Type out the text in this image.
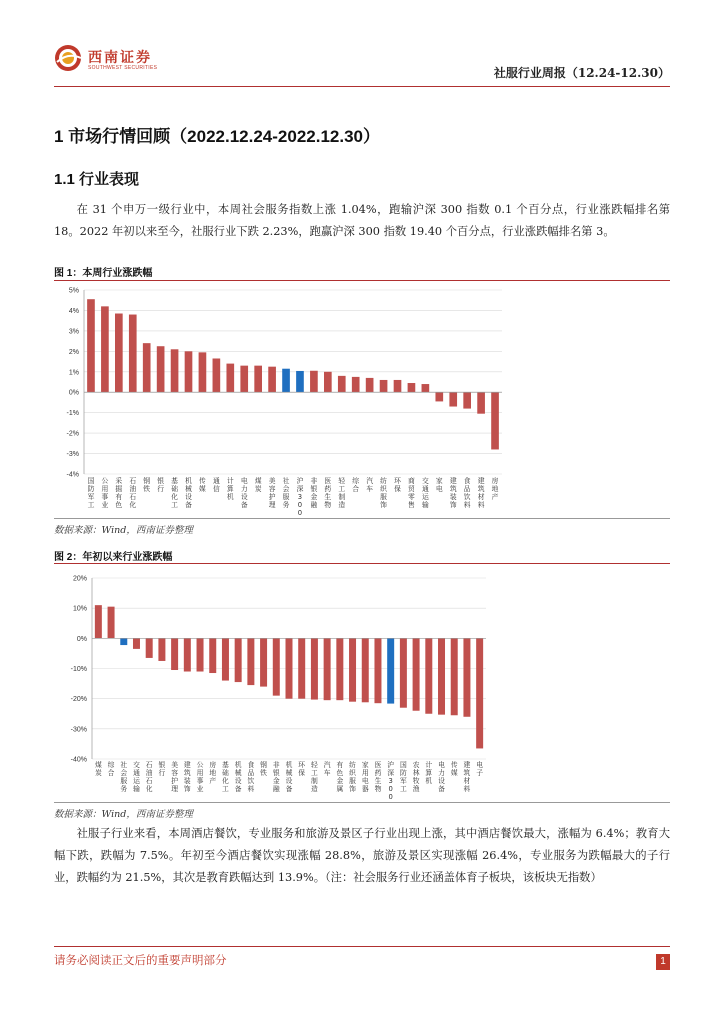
西南证券
SOUTHWEST SECURITIES	社服行业周报（12.24-12.30）
1 市场行情回顾（2022.12.24-2022.12.30）
1.1 行业表现

在 31 个申万一级行业中，本周社会服务指数上涨 1.04%，跑输沪深 300 指数 0.1 个百分点，行业涨跌幅排名第 18。2022 年初以来至今，社服行业下跌 2.23%，跑赢沪深 300 指数 19.40 个百分点，行业涨跌幅排名第 3。

图 1：本周行业涨跌幅
5%
4%
3%
2%
1%
0%
-1%
-2%
-3%
-4%
国防军工
公用事业
采掘有色
石油石化
钢铁
银行
基础化工
机械设备
传媒
通信
计算机
电力设备
煤炭
美容护理
社会服务
沪深 3 0 0
非银金融
医药生物
轻工制造
综合
汽车
纺织服饰
环保
商贸零售
交通运输
家电
建筑装饰
食品饮料
建筑材料
房地产
数据来源：Wind，西南证券整理
图 2：年初以来行业涨跌幅
20%
10%
0%
-10%
-20%
-30%
-40%
煤炭
综合
社会服务
交通运输
石油石化
银行
美容护理
建筑装饰
公用事业
房地产
基础化工
机械设备
食品饮料
钢铁
非银金融
机械设备
环保
轻工制造
汽车
有色金属
纺织服饰
家用电器
医药生物
沪深 3 0 0
国防军工
农林牧渔
计算机
电力设备
传媒
建筑材料
电子
数据来源：Wind，西南证券整理

社服子行业来看，本周酒店餐饮，专业服务和旅游及景区子行业出现上涨，其中酒店餐饮最大，涨幅为 6.4%；教育大幅下跌，跌幅为 7.5%。年初至今酒店餐饮实现涨幅 28.8%，旅游及景区实现涨幅 26.4%，专业服务为跌幅最大的子行业，跌幅约为 21.5%，其次是教育跌幅达到 13.9%。（注：社会服务行业还涵盖体育子板块，该板块无指数）

请务必阅读正文后的重要声明部分	1
